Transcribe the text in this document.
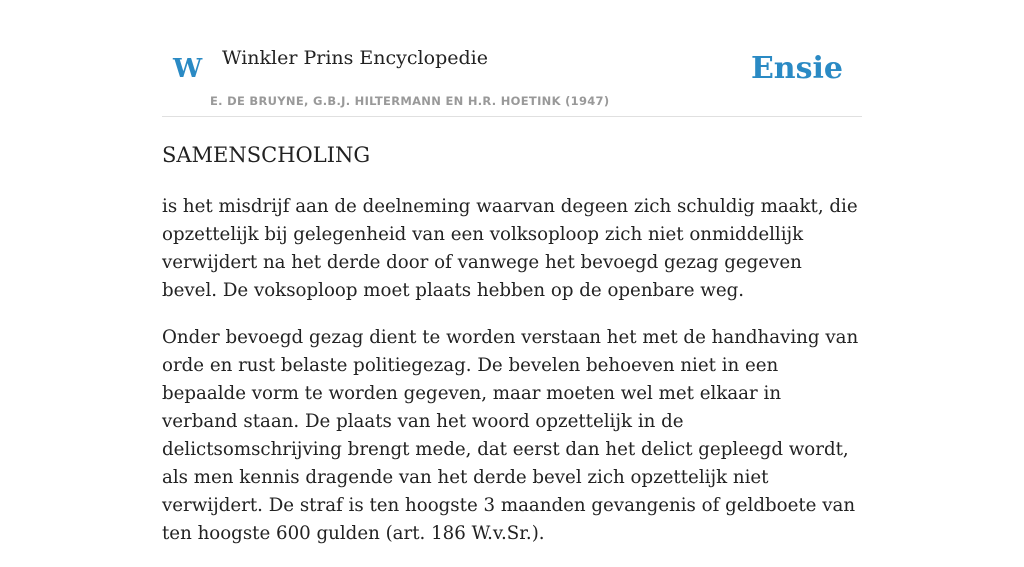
W Winkler Prins Encyclopedie
E. DE BRUYNE, G.B.J. HILTERMANN EN H.R. HOETINK (1947)
Ensie
SAMENSCHOLING

is het misdrijf aan de deelneming waarvan degeen zich schuldig maakt, die opzettelijk bij gelegenheid van een volksoploop zich niet onmiddellijk verwijdert na het derde door of vanwege het bevoegd gezag gegeven bevel. De voksoploop moet plaats hebben op de openbare weg.

Onder bevoegd gezag dient te worden verstaan het met de handhaving van orde en rust belaste politiegezag. De bevelen behoeven niet in een bepaalde vorm te worden gegeven, maar moeten wel met elkaar in verband staan. De plaats van het woord opzettelijk in de delictsomschrijving brengt mede, dat eerst dan het delict gepleegd wordt, als men kennis dragende van het derde bevel zich opzettelijk niet verwijdert. De straf is ten hoogste 3 maanden gevangenis of geldboete van ten hoogste 600 gulden (art. 186 W.v.Sr.).
